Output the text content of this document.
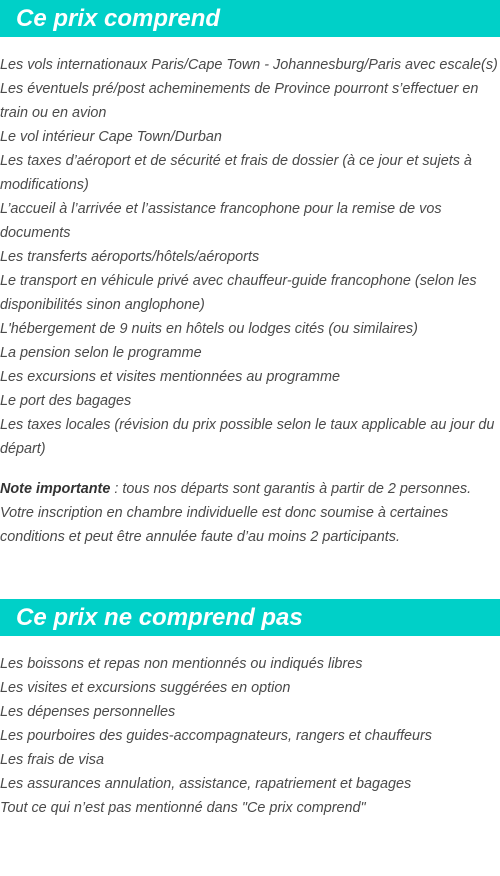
Ce prix comprend
Les vols internationaux Paris/Cape Town - Johannesburg/Paris avec escale(s)
Les éventuels pré/post acheminements de Province pourront s’effectuer en train ou en avion
Le vol intérieur Cape Town/Durban
Les taxes d’aéroport et de sécurité et frais de dossier (à ce jour et sujets à modifications)
L’accueil à l’arrivée et l’assistance francophone pour la remise de vos documents
Les transferts aéroports/hôtels/aéroports
Le transport en véhicule privé avec chauffeur-guide francophone (selon les disponibilités sinon anglophone)
L'hébergement de 9 nuits en hôtels ou lodges cités (ou similaires)
La pension selon le programme
Les excursions et visites mentionnées au programme
Le port des bagages
Les taxes locales (révision du prix possible selon le taux applicable au jour du départ)

Note importante : tous nos départs sont garantis à partir de 2 personnes. Votre inscription en chambre individuelle est donc soumise à certaines conditions et peut être annulée faute d’au moins 2 participants.

Ce prix ne comprend pas
Les boissons et repas non mentionnés ou indiqués libres
Les visites et excursions suggérées en option
Les dépenses personnelles
Les pourboires des guides-accompagnateurs, rangers et chauffeurs
Les frais de visa
Les assurances annulation, assistance, rapatriement et bagages
Tout ce qui n’est pas mentionné dans "Ce prix comprend"
